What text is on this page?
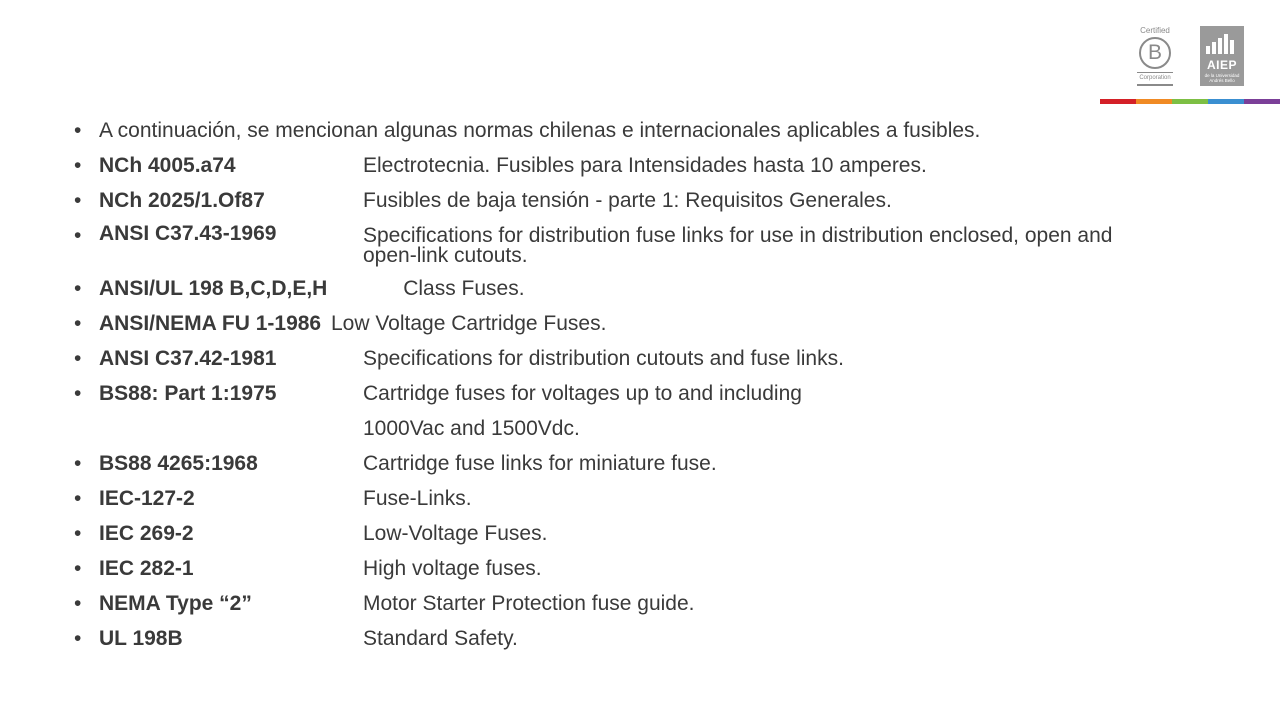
Certified
B
Corporation
AIEP
de la Universidad Andrés Bello
• A continuación, se mencionan algunas normas chilenas e internacionales aplicables a fusibles.
• NCh 4005.a74	Electrotecnia. Fusibles para Intensidades hasta 10 amperes.
• NCh 2025/1.Of87	Fusibles de baja tensión - parte 1: Requisitos Generales.
• ANSI C37.43-1969	Specifications for distribution fuse links for use in distribution enclosed, open and open-link cutouts.
• ANSI/UL 198 B,C,D,E,H	Class Fuses.
• ANSI/NEMA FU 1-1986 Low Voltage Cartridge Fuses.
• ANSI C37.42-1981	Specifications for distribution cutouts and fuse links.
• BS88: Part 1:1975	Cartridge fuses for voltages up to and including
1000Vac and 1500Vdc.
• BS88 4265:1968	Cartridge fuse links for miniature fuse.
• IEC-127-2	Fuse-Links.
• IEC 269-2	Low-Voltage Fuses.
• IEC 282-1	High voltage fuses.
• NEMA Type “2”	Motor Starter Protection fuse guide.
• UL 198B	Standard Safety.
